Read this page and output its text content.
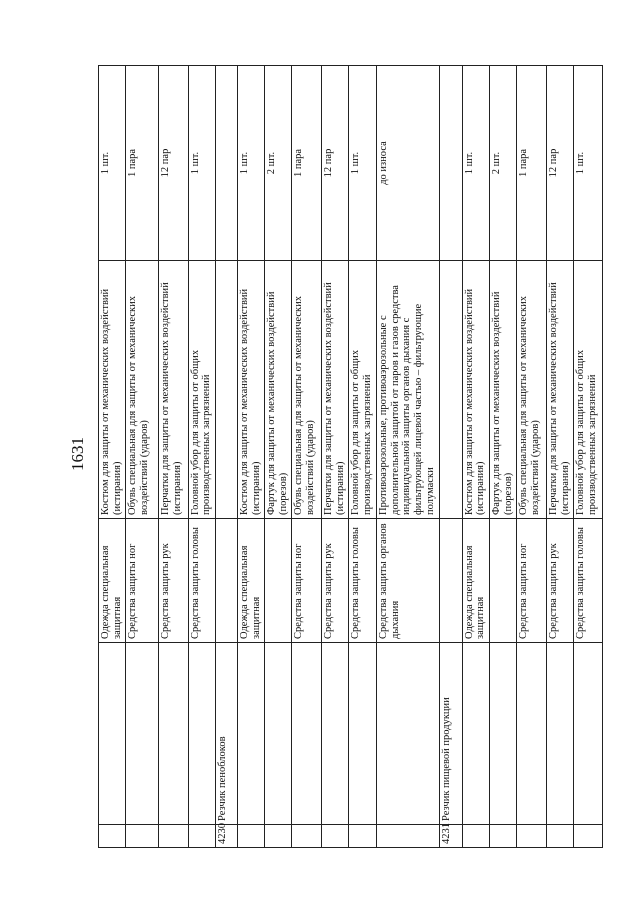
1631
		Одежда специальная защитная	Костюм для защиты от механических воздействий (истирания)	1 шт.
		Средства защиты ног	Обувь специальная для защиты от механических воздействий (ударов)	1 пара
		Средства защиты рук	Перчатки для защиты от механических воздействий (истирания)	12 пар
		Средства защиты головы	Головной убор для защиты от общих производственных загрязнений	1 шт.
4230	Резчик пеноблоков			
		Одежда специальная защитная	Костюм для защиты от механических воздействий (истирания)	1 шт.
			Фартук для защиты от механических воздействий (порезов)	2 шт.
		Средства защиты ног	Обувь специальная для защиты от механических воздействий (ударов)	1 пара
		Средства защиты рук	Перчатки для защиты от механических воздействий (истирания)	12 пар
		Средства защиты головы	Головной убор для защиты от общих производственных загрязнений	1 шт.
		Средства защиты органов дыхания	Противоаэрозольные, противоаэрозольные с дополнительной защитой от паров и газов средства индивидуальной защиты органов дыхания с фильтрующей лицевой частью – фильтрующие полумаски	до износа
4231	Резчик пищевой продукции			
		Одежда специальная защитная	Костюм для защиты от механических воздействий (истирания)	1 шт.
			Фартук для защиты от механических воздействий (порезов)	2 шт.
		Средства защиты ног	Обувь специальная для защиты от механических воздействий (ударов)	1 пара
		Средства защиты рук	Перчатки для защиты от механических воздействий (истирания)	12 пар
		Средства защиты головы	Головной убор для защиты от общих производственных загрязнений	1 шт.
